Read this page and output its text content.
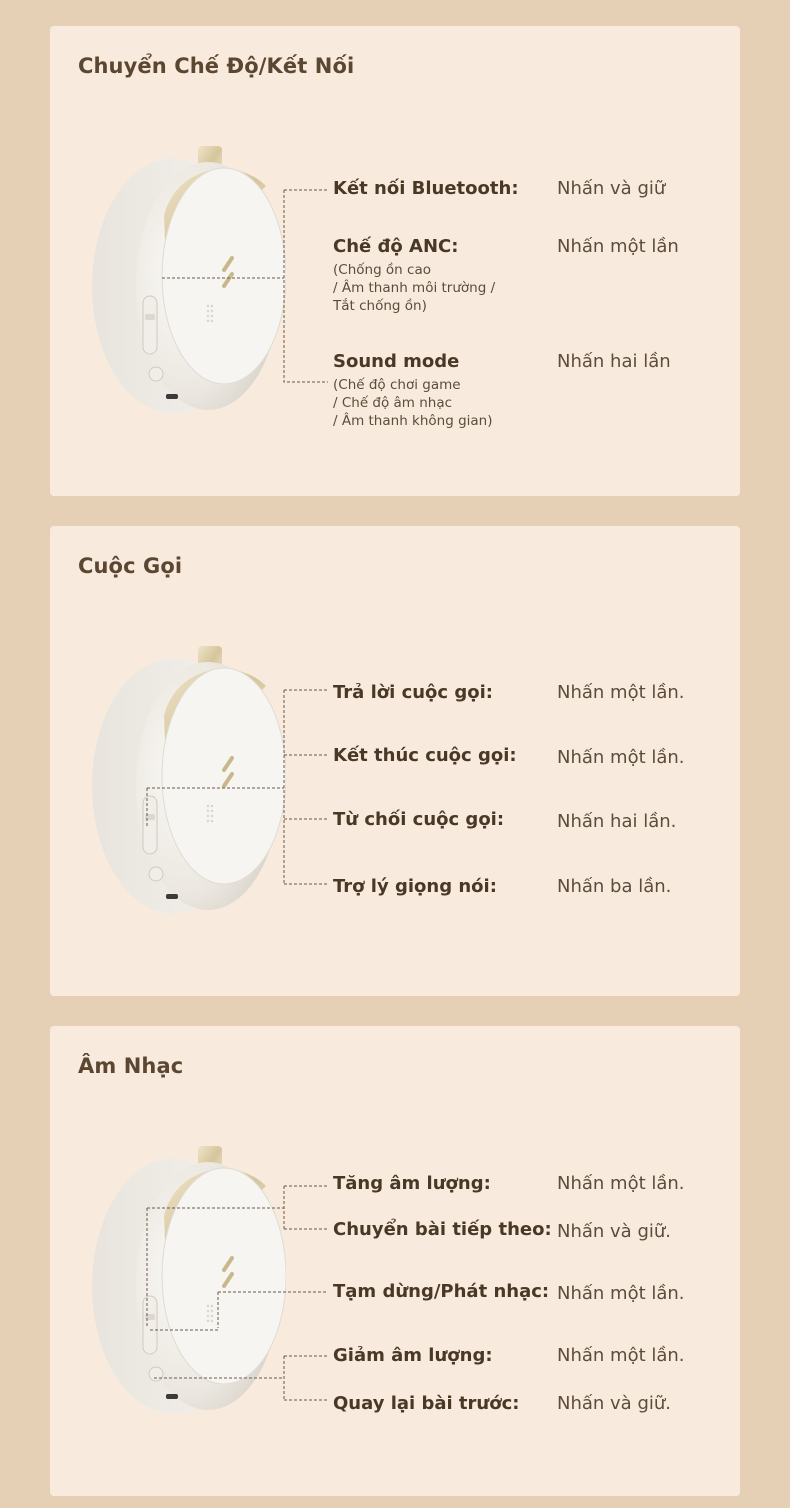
Chuyển Chế Độ/Kết Nối
Kết nối Bluetooth: Nhấn và giữ
Chế độ ANC:
(Chống ồn cao
/ Âm thanh môi trường /
Tắt chống ồn)
Nhấn một lần
Sound mode
(Chế độ chơi game
/ Chế độ âm nhạc
/ Âm thanh không gian)
Nhấn hai lần
Cuộc Gọi
Trả lời cuộc gọi:	Nhấn một lần.
Kết thúc cuộc gọi: Nhấn một lần.
Từ chối cuộc gọi:	Nhấn hai lần.
Trợ lý giọng nói:	Nhấn ba lần.
Âm Nhạc
Tăng âm lượng:	Nhấn một lần.
Chuyển bài tiếp theo: Nhấn và giữ.
Tạm dừng/Phát nhạc: Nhấn một lần.
Giảm âm lượng:	Nhấn một lần.
Quay lại bài trước: Nhấn và giữ.
